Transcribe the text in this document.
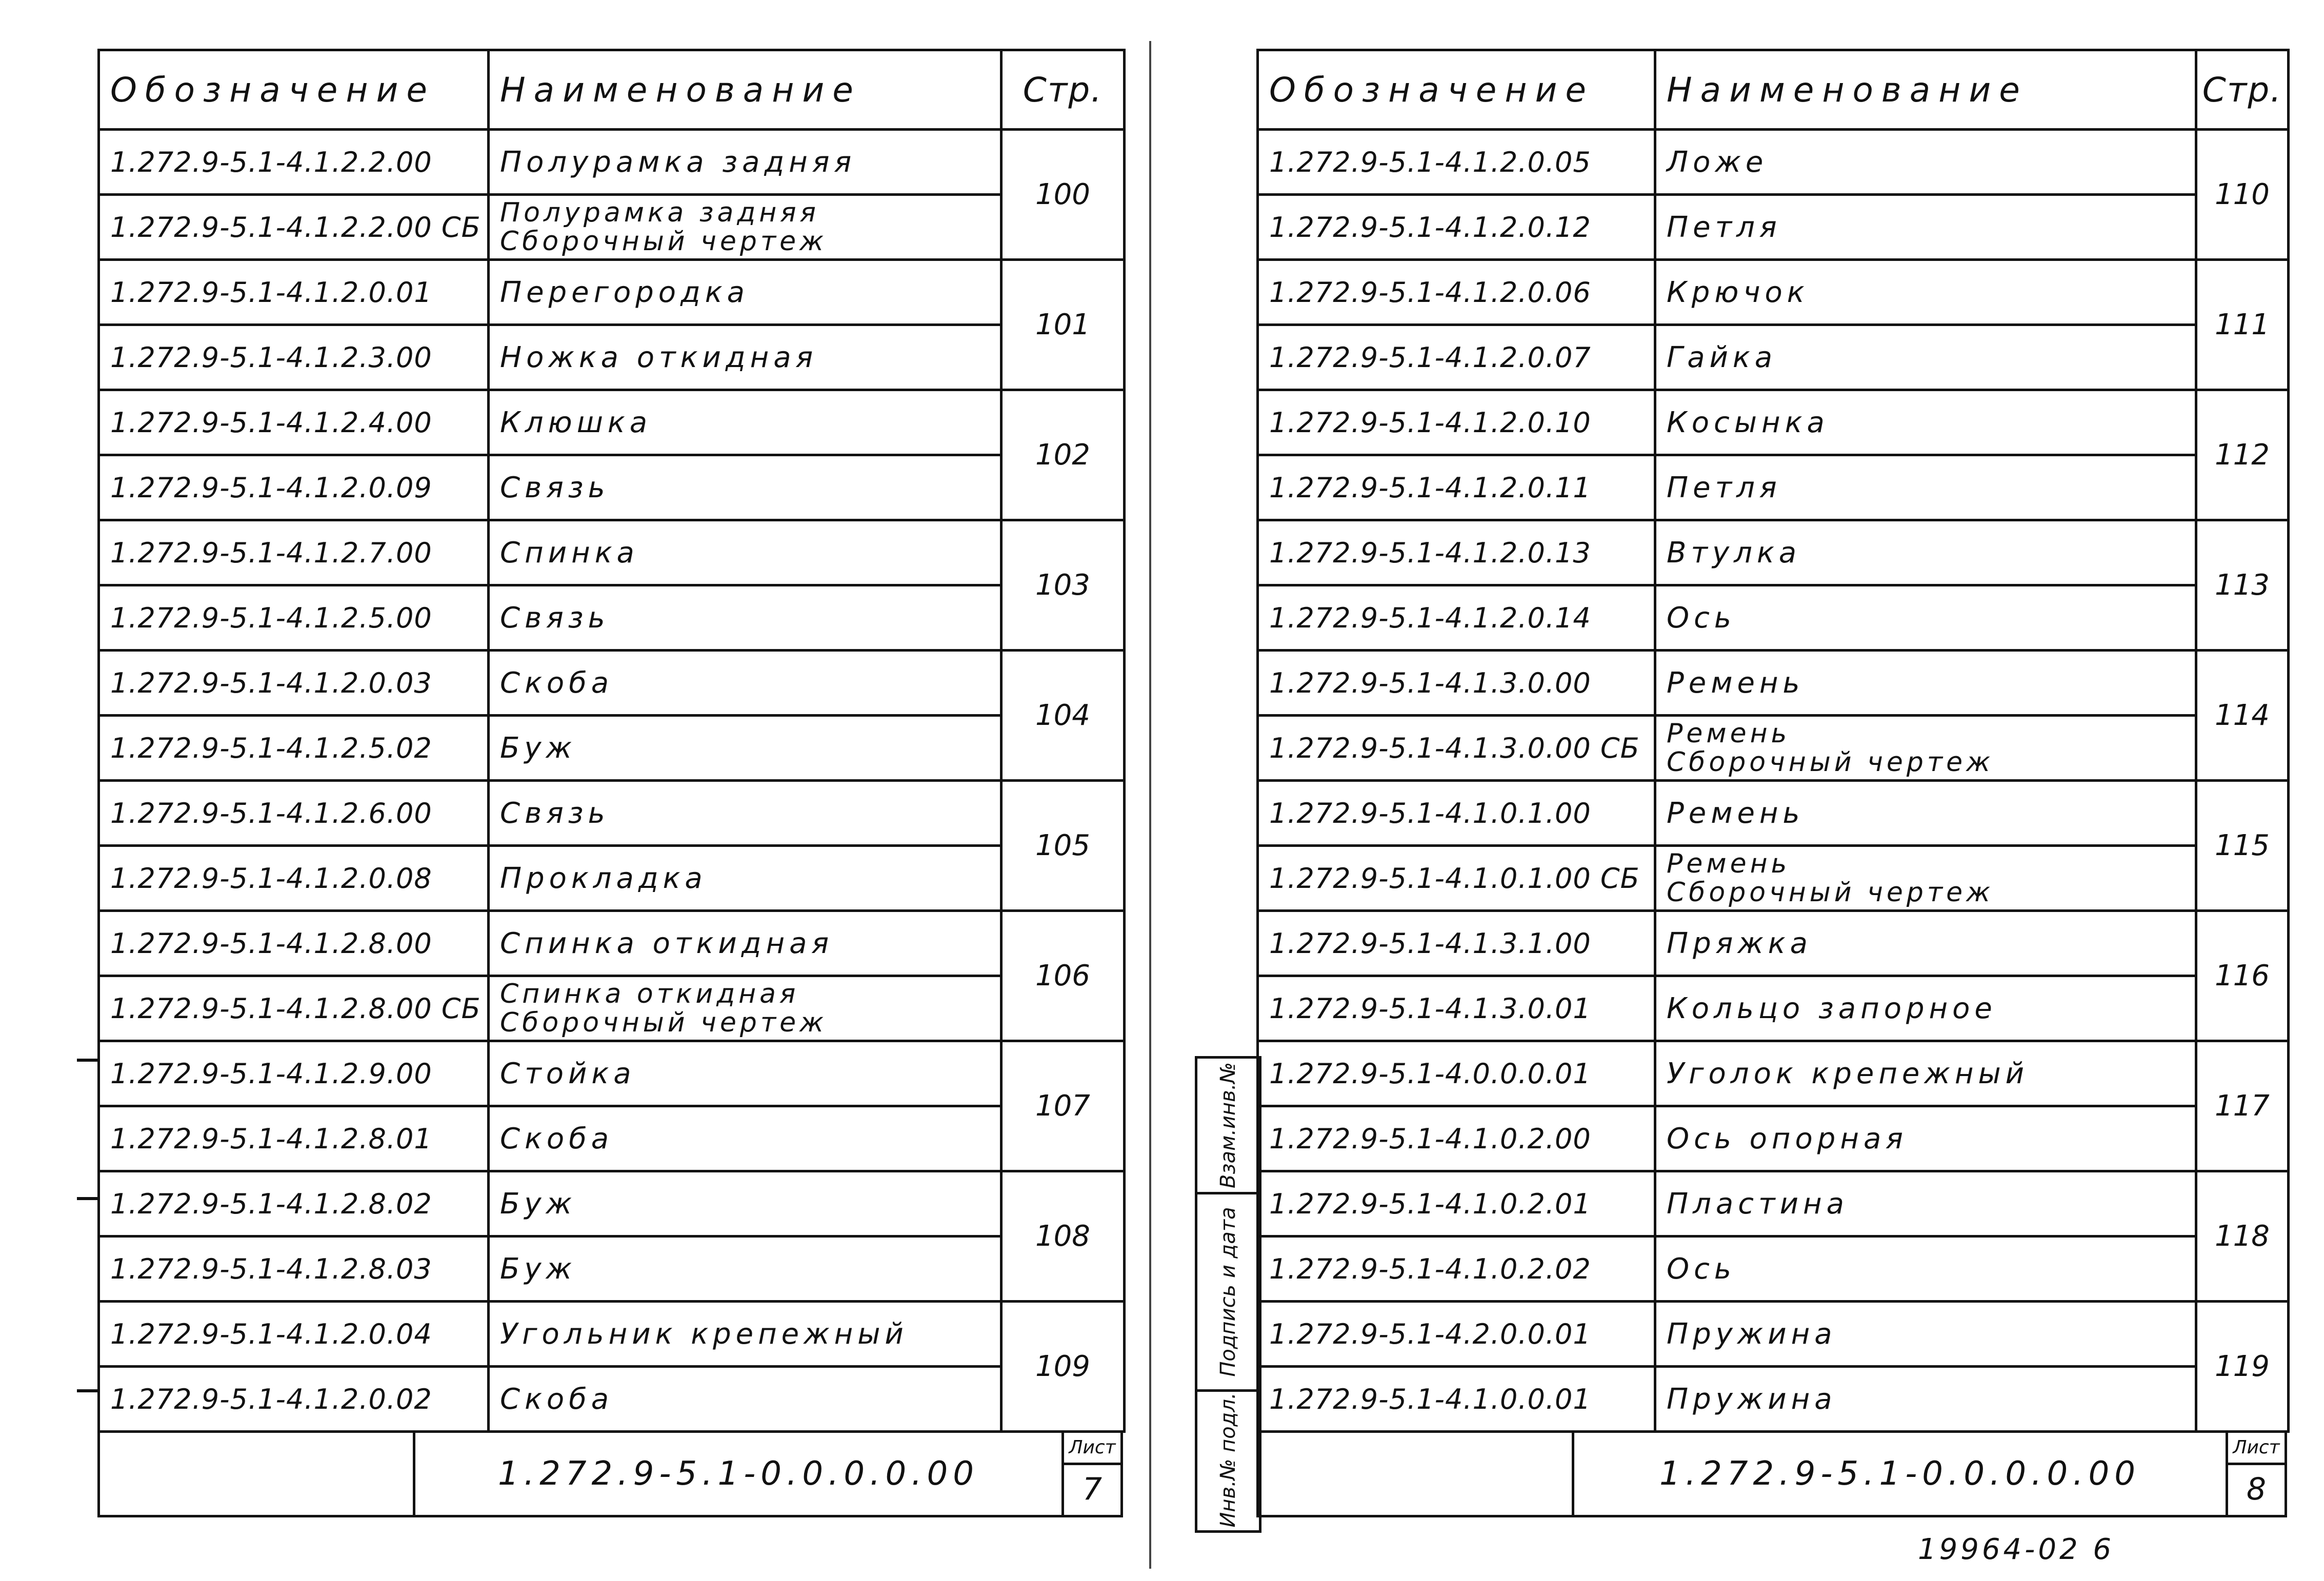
Обозначение	Наименование	Стр.
1.272.9-5.1-4.1.2.2.00	Полурамка задняя	100
1.272.9-5.1-4.1.2.2.00 СБ	Полурамка задняя
Сборочный чертеж	

1.272.9-5.1-4.1.2.0.01	Перегородка	101
1.272.9-5.1-4.1.2.3.00	Ножка откидная	
1.272.9-5.1-4.1.2.4.00	Клюшка	102
1.272.9-5.1-4.1.2.0.09	Связь	
1.272.9-5.1-4.1.2.7.00	Спинка	103
1.272.9-5.1-4.1.2.5.00	Связь	
1.272.9-5.1-4.1.2.0.03	Скоба	104
1.272.9-5.1-4.1.2.5.02	Буж	
1.272.9-5.1-4.1.2.6.00	Связь	105
1.272.9-5.1-4.1.2.0.08	Прокладка	
1.272.9-5.1-4.1.2.8.00	Спинка откидная	106
1.272.9-5.1-4.1.2.8.00 СБ	Спинка откидная
Сборочный чертеж	

1.272.9-5.1-4.1.2.9.00	Стойка	107
1.272.9-5.1-4.1.2.8.01	Скоба	
1.272.9-5.1-4.1.2.8.02	Буж	108
1.272.9-5.1-4.1.2.8.03	Буж	
1.272.9-5.1-4.1.2.0.04	Угольник крепежный	109
1.272.9-5.1-4.1.2.0.02	Скоба	
1.272.9-5.1-0.0.0.0.00
Лист
7
Обозначение	Наименование	Стр.
1.272.9-5.1-4.1.2.0.05	Ложе	110
1.272.9-5.1-4.1.2.0.12	Петля	
1.272.9-5.1-4.1.2.0.06	Крючок	111
1.272.9-5.1-4.1.2.0.07	Гайка	
1.272.9-5.1-4.1.2.0.10	Косынка	112
1.272.9-5.1-4.1.2.0.11	Петля	
1.272.9-5.1-4.1.2.0.13	Втулка	113
1.272.9-5.1-4.1.2.0.14	Ось	
1.272.9-5.1-4.1.3.0.00	Ремень	114
1.272.9-5.1-4.1.3.0.00 СБ	Ремень
Сборочный чертеж	

1.272.9-5.1-4.1.0.1.00	Ремень	115
1.272.9-5.1-4.1.0.1.00 СБ	Ремень
Сборочный чертеж	

1.272.9-5.1-4.1.3.1.00	Пряжка	116
1.272.9-5.1-4.1.3.0.01	Кольцо запорное	
1.272.9-5.1-4.0.0.0.01	Уголок крепежный	117
1.272.9-5.1-4.1.0.2.00	Ось опорная	
1.272.9-5.1-4.1.0.2.01	Пластина	118
1.272.9-5.1-4.1.0.2.02	Ось	
1.272.9-5.1-4.2.0.0.01	Пружина	119
1.272.9-5.1-4.1.0.0.01	Пружина	
1.272.9-5.1-0.0.0.0.00
Лист
8
Взам.инв.№
Подпись и дата
Инв.№ подл.
19964-02 6
